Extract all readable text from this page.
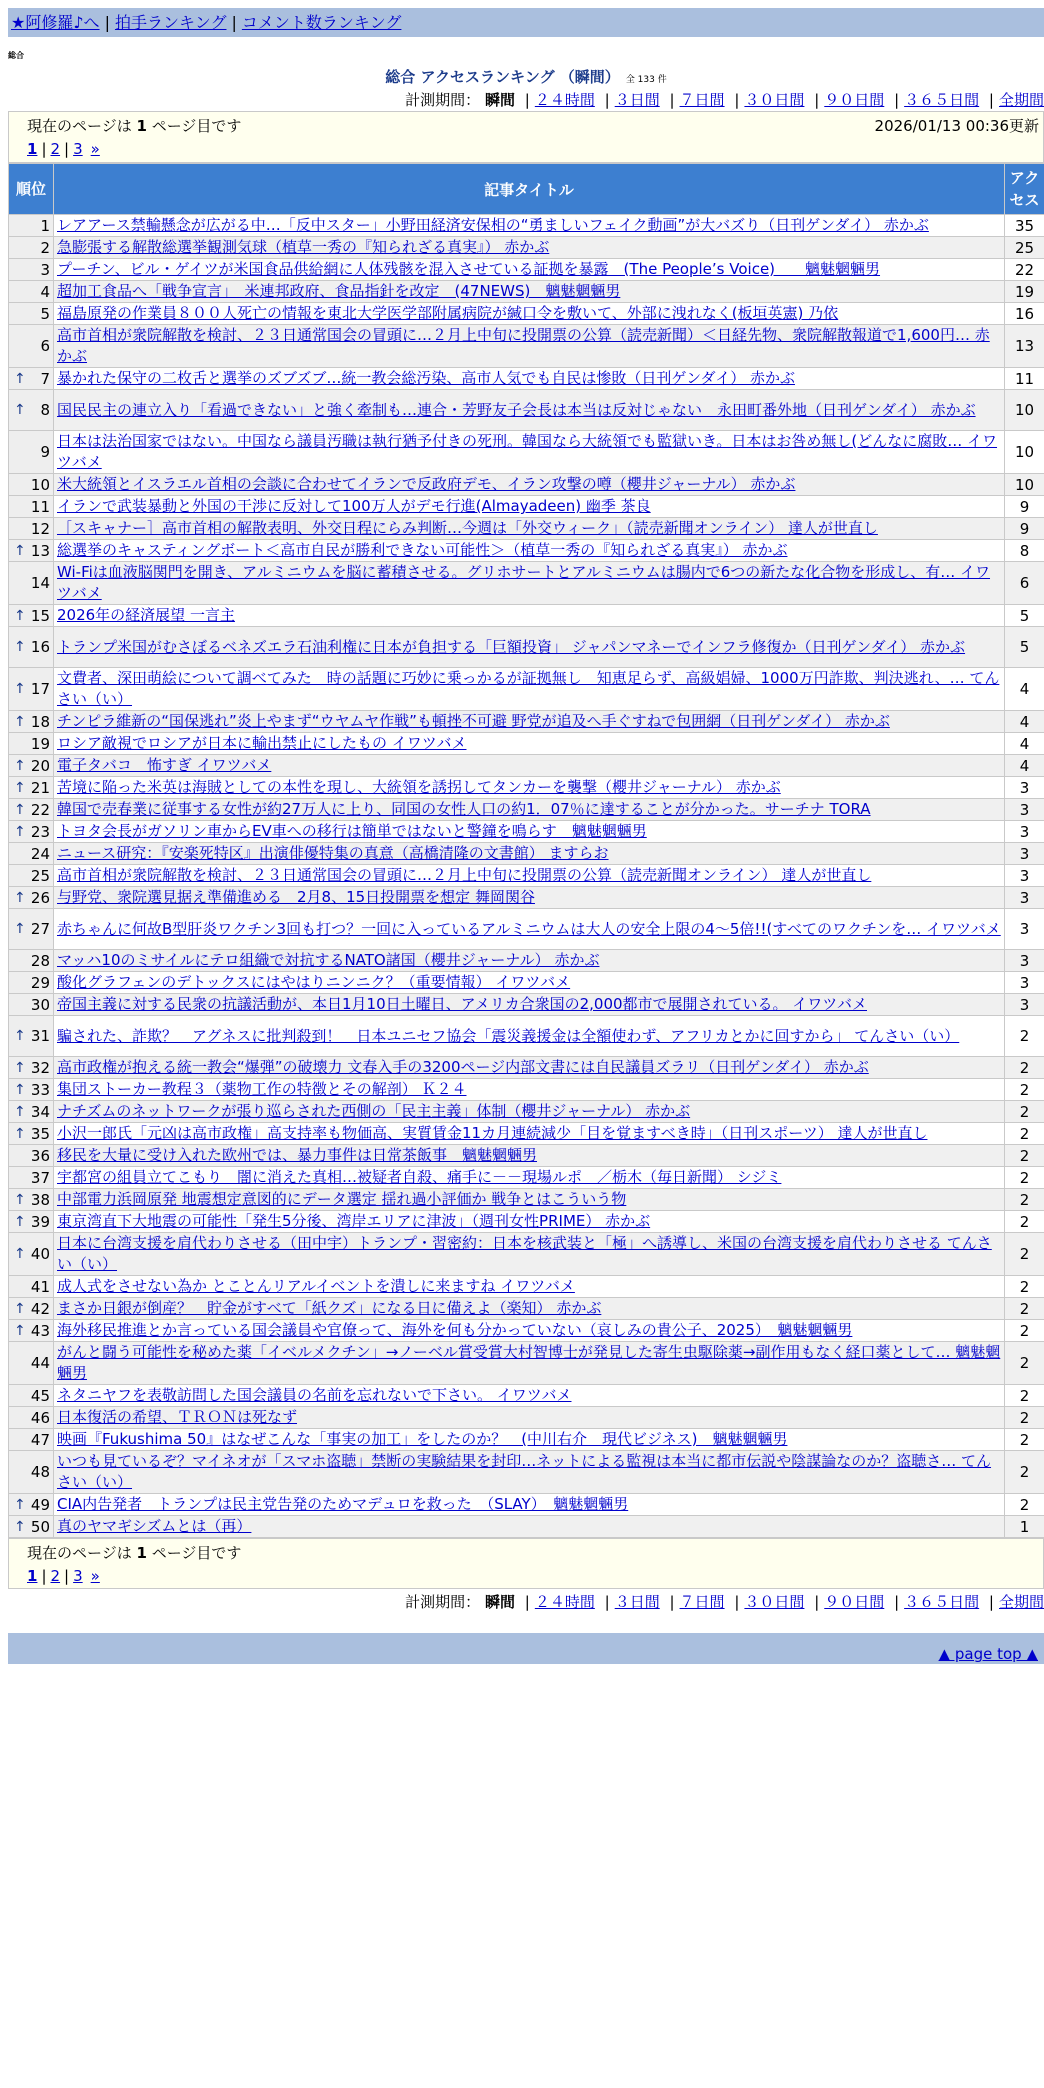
★阿修羅♪へ | 拍手ランキング | コメント数ランキング
総合
総合 アクセスランキング （瞬間） 全 133 件
計測期間： 瞬間 | ２４時間 | ３日間 | ７日間 | ３０日間 | ９０日間 | ３６５日間 | 全期間
現在のページは 1 ページ目です	2026/01/13 00:36更新
1 | 2 | 3 »
順位	記事タイトル	アクセス
1	レアアース禁輸懸念が広がる中…「反中スター」小野田経済安保相の“勇ましいフェイク動画”が大バズり（日刊ゲンダイ） 赤かぶ	35
2	急膨張する解散総選挙観測気球（植草一秀の『知られざる真実』） 赤かぶ	25
3	プーチン、ビル・ゲイツが米国食品供給網に人体残骸を混入させている証拠を暴露　(The People’s Voice)　　魑魅魍魎男	22
4	超加工食品へ「戦争宣言」　米連邦政府、食品指針を改定　(47NEWS)　魑魅魍魎男	19
5	福島原発の作業員８００人死亡の情報を東北大学医学部附属病院が緘口令を敷いて、外部に洩れなく(板垣英憲) 乃依	16
6	高市首相が衆院解散を検討、２３日通常国会の冒頭に…２月上中旬に投開票の公算（読売新聞）＜日経先物、衆院解散報道で1,600円… 赤かぶ	13

↑ 7	暴かれた保守の二枚舌と選挙のズブズブ…統一教会総汚染、高市人気でも自民は惨敗（日刊ゲンダイ） 赤かぶ	11

↑ 8	国民民主の連立入り「看過できない」と強く牽制も…連合・芳野友子会長は本当は反対じゃない　永田町番外地（日刊ゲンダイ） 赤かぶ	10
9	日本は法治国家ではない。中国なら議員汚職は執行猶予付きの死刑。韓国なら大統領でも監獄いき。日本はお咎め無し(どんなに腐敗… イワツバメ	10
10	米大統領とイスラエル首相の会談に合わせてイランで反政府デモ、イラン攻撃の噂（櫻井ジャーナル） 赤かぶ	10
11	イランで武装暴動と外国の干渉に反対して100万人がデモ行進(Almayadeen) 幽季 茶良	9
12	［スキャナー］高市首相の解散表明、外交日程にらみ判断…今週は「外交ウィーク」（読売新聞オンライン） 達人が世直し	9

↑ 13	総選挙のキャスティングボート＜高市自民が勝利できない可能性＞（植草一秀の『知られざる真実』） 赤かぶ	8
14	Wi-Fiは血液脳関門を開き、アルミニウムを脳に蓄積させる。グリホサートとアルミニウムは腸内で6つの新たな化合物を形成し、有… イワツバメ	6

↑ 15	2026年の経済展望 一言主	5

↑ 16	トランプ米国がむさぼるベネズエラ石油利権に日本が負担する「巨額投資」 ジャパンマネーでインフラ修復か（日刊ゲンダイ） 赤かぶ	5

↑ 17	文費者、深田萌絵について調べてみた　時の話題に巧妙に乗っかるが証拠無し　知恵足らず、高級娼婦、1000万円詐欺、判決逃れ、… てんさい（い）	4

↑ 18	チンピラ維新の“国保逃れ”炎上やまず“ウヤムヤ作戦”も頓挫不可避 野党が追及へ手ぐすねで包囲網（日刊ゲンダイ） 赤かぶ	4
19	ロシア敵視でロシアが日本に輸出禁止にしたもの イワツバメ	4

↑ 20	電子タバコ　怖すぎ イワツバメ	4

↑ 21	苦境に陥った米英は海賊としての本性を現し、大統領を誘拐してタンカーを襲撃（櫻井ジャーナル） 赤かぶ	3

↑ 22	韓国で売春業に従事する女性が約27万人に上り、同国の女性人口の約1．07％に達することが分かった。サーチナ TORA	3

↑ 23	トヨタ会長がガソリン車からEV車への移行は簡単ではないと警鐘を鳴らす　魑魅魍魎男	3
24	ニュース研究：『安楽死特区』出演俳優特集の真意（高橋清隆の文書館） ますらお	3
25	高市首相が衆院解散を検討、２３日通常国会の冒頭に…２月上中旬に投開票の公算（読売新聞オンライン） 達人が世直し	3

↑ 26	与野党、衆院選見据え準備進める　2月8、15日投開票を想定 舞岡関谷	3

↑ 27	赤ちゃんに何故B型肝炎ワクチン3回も打つ？一回に入っているアルミニウムは大人の安全上限の4～5倍!!(すべてのワクチンを… イワツバメ	3
28	マッハ10のミサイルにテロ組織で対抗するNATO諸国（櫻井ジャーナル） 赤かぶ	3
29	酸化グラフェンのデトックスにはやはりニンニク？（重要情報） イワツバメ	3
30	帝国主義に対する民衆の抗議活動が、本日1月10日土曜日、アメリカ合衆国の2,000都市で展開されている。 イワツバメ	3

↑ 31	騙された、詐欺？　アグネスに批判殺到！　日本ユニセフ協会「震災義援金は全額使わず、アフリカとかに回すから」 てんさい（い）	2

↑ 32	高市政権が抱える統一教会“爆弾”の破壊力 文春入手の3200ページ内部文書には自民議員ズラリ（日刊ゲンダイ） 赤かぶ	2

↑ 33	集団ストーカー教程３（薬物工作の特徴とその解剖） Ｋ２４	2

↑ 34	ナチズムのネットワークが張り巡らされた西側の「民主主義」体制（櫻井ジャーナル） 赤かぶ	2

↑ 35	小沢一郎氏「元凶は高市政権」高支持率も物価高、実質賃金11カ月連続減少「目を覚ますべき時」（日刊スポーツ） 達人が世直し	2
36	移民を大量に受け入れた欧州では、暴力事件は日常茶飯事　魑魅魍魎男	2
37	宇都宮の組員立てこもり　闇に消えた真相…被疑者自殺、痛手に－－現場ルポ　／栃木（毎日新聞） シジミ	2

↑ 38	中部電力浜岡原発 地震想定意図的にデータ選定 揺れ過小評価か 戦争とはこういう物	2

↑ 39	東京湾直下大地震の可能性「発生5分後、湾岸エリアに津波」（週刊女性PRIME） 赤かぶ	2

↑ 40	日本に台湾支援を肩代わりさせる（田中宇）トランプ・習密約：日本を核武装と「極」へ誘導し、米国の台湾支援を肩代わりさせる てんさい（い）	2
41	成人式をさせない為か とことんリアルイベントを潰しに来ますね イワツバメ	2

↑ 42	まさか日銀が倒産？　貯金がすべて「紙クズ」になる日に備えよ（楽知） 赤かぶ	2

↑ 43	海外移民推進とか言っている国会議員や官僚って、海外を何も分かっていない（哀しみの貴公子、2025）　魑魅魍魎男	2
44	がんと闘う可能性を秘めた薬「イベルメクチン」→ノーベル賞受賞大村智博士が発見した寄生虫駆除薬→副作用もなく経口薬として… 魑魅魍魎男	2
45	ネタニヤフを表敬訪問した国会議員の名前を忘れないで下さい。 イワツバメ	2
46	日本復活の希望、ＴＲＯＮは死なず	2
47	映画『Fukushima 50』はなぜこんな「事実の加工」をしたのか？　(中川右介　現代ビジネス)　魑魅魍魎男	2
48	いつも見ているぞ？マイネオが「スマホ盗聴」禁断の実験結果を封印…ネットによる監視は本当に都市伝説や陰謀論なのか？盗聴さ… てんさい（い）	2

↑ 49	CIA内告発者　トランプは民主党告発のためマデュロを救った　（SLAY）　魑魅魍魎男	2

↑ 50	真のヤマギシズムとは（再）	1
現在のページは 1 ページ目です
1 | 2 | 3 »
計測期間： 瞬間 | ２４時間 | ３日間 | ７日間 | ３０日間 | ９０日間 | ３６５日間 | 全期間
▲ page top ▲
